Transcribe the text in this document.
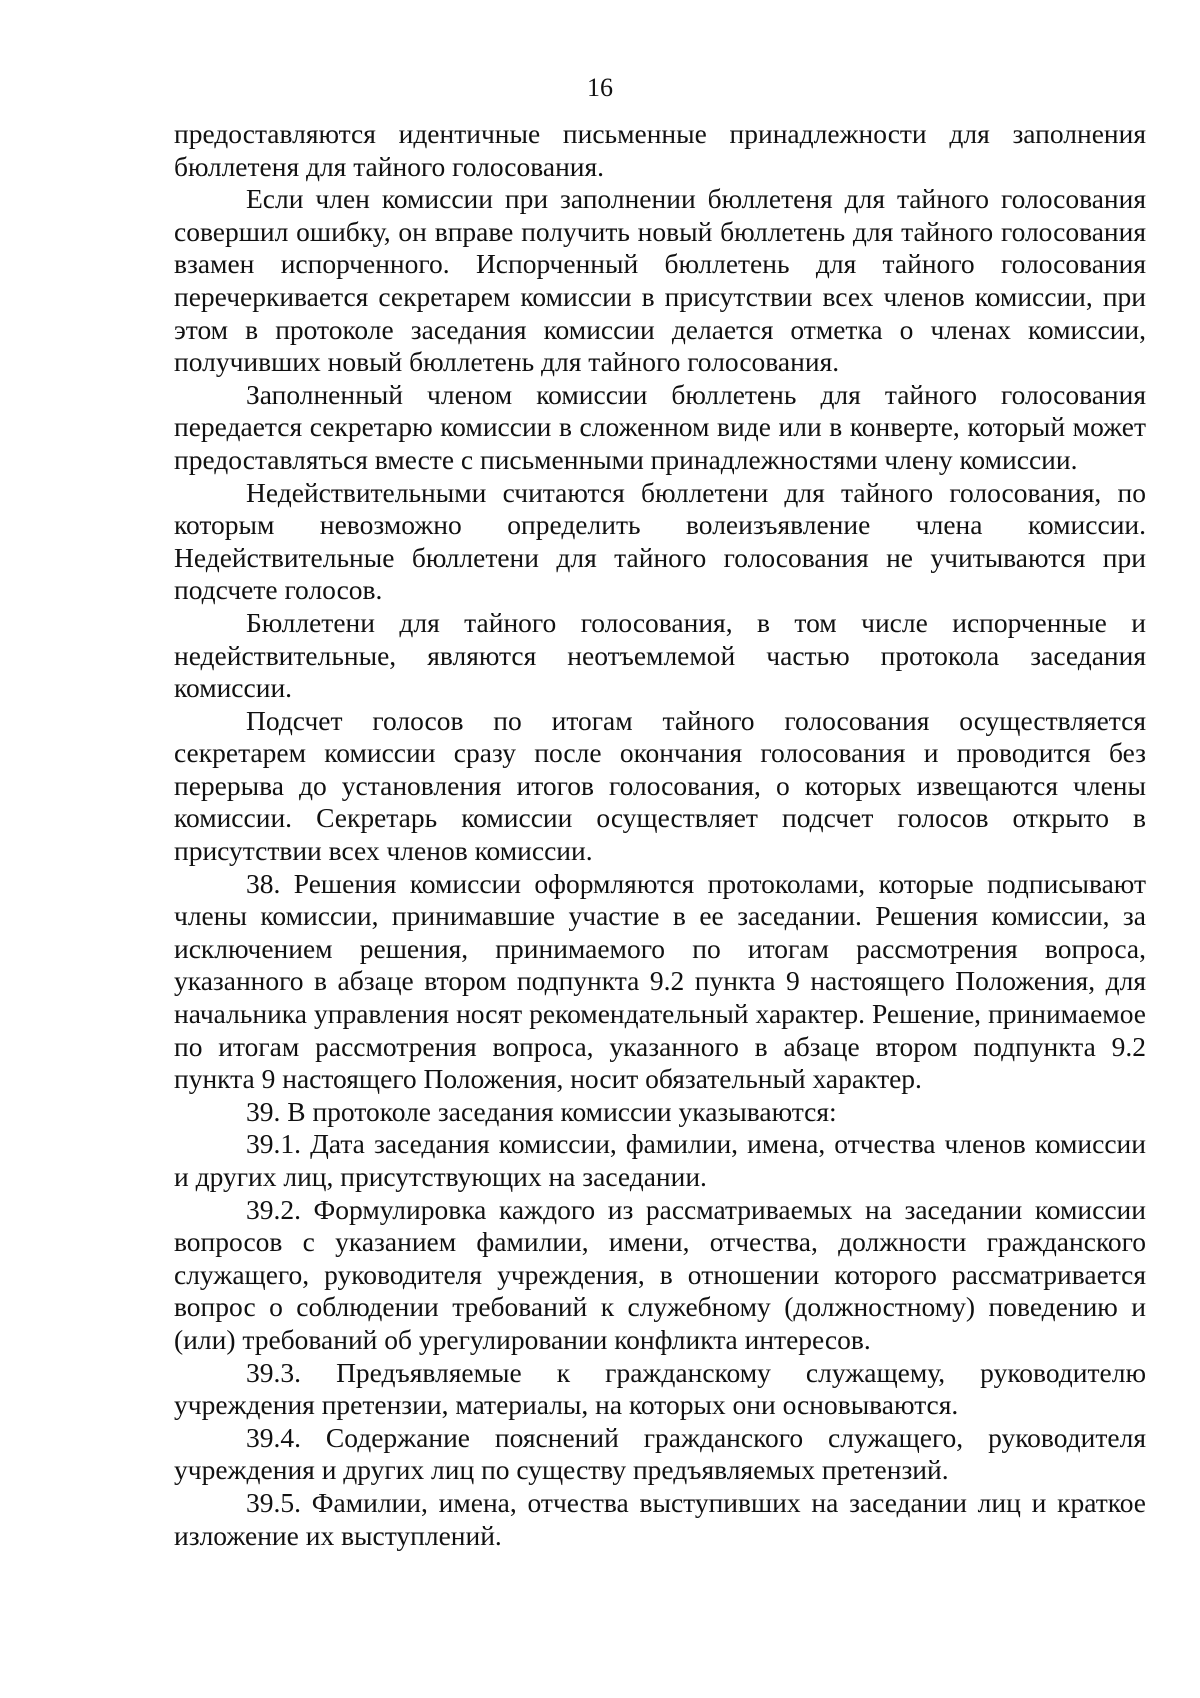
16

предоставляются идентичные письменные принадлежности для заполнения бюллетеня для тайного голосования.

Если член комиссии при заполнении бюллетеня для тайного голосования совершил ошибку, он вправе получить новый бюллетень для тайного голосования взамен испорченного. Испорченный бюллетень для тайного голосования перечеркивается секретарем комиссии в присутствии всех членов комиссии, при этом в протоколе заседания комиссии делается отметка о членах комиссии, получивших новый бюллетень для тайного голосования.

Заполненный членом комиссии бюллетень для тайного голосования передается секретарю комиссии в сложенном виде или в конверте, который может предоставляться вместе с письменными принадлежностями члену комиссии.

Недействительными считаются бюллетени для тайного голосования, по которым невозможно определить волеизъявление члена комиссии. Недействительные бюллетени для тайного голосования не учитываются при подсчете голосов.

Бюллетени для тайного голосования, в том числе испорченные и недействительные, являются неотъемлемой частью протокола заседания комиссии.

Подсчет голосов по итогам тайного голосования осуществляется секретарем комиссии сразу после окончания голосования и проводится без перерыва до установления итогов голосования, о которых извещаются члены комиссии. Секретарь комиссии осуществляет подсчет голосов открыто в присутствии всех членов комиссии.

38. Решения комиссии оформляются протоколами, которые подписывают члены комиссии, принимавшие участие в ее заседании. Решения комиссии, за исключением решения, принимаемого по итогам рассмотрения вопроса, указанного в абзаце втором подпункта 9.2 пункта 9 настоящего Положения, для начальника управления носят рекомендательный характер. Решение, принимаемое по итогам рассмотрения вопроса, указанного в абзаце втором подпункта 9.2 пункта 9 настоящего Положения, носит обязательный характер.

39. В протоколе заседания комиссии указываются:

39.1. Дата заседания комиссии, фамилии, имена, отчества членов комиссии и других лиц, присутствующих на заседании.

39.2. Формулировка каждого из рассматриваемых на заседании комиссии вопросов с указанием фамилии, имени, отчества, должности гражданского служащего, руководителя учреждения, в отношении которого рассматривается вопрос о соблюдении требований к служебному (должностному) поведению и (или) требований об урегулировании конфликта интересов.

39.3. Предъявляемые к гражданскому служащему, руководителю учреждения претензии, материалы, на которых они основываются.

39.4. Содержание пояснений гражданского служащего, руководителя учреждения и других лиц по существу предъявляемых претензий.

39.5. Фамилии, имена, отчества выступивших на заседании лиц и краткое изложение их выступлений.
